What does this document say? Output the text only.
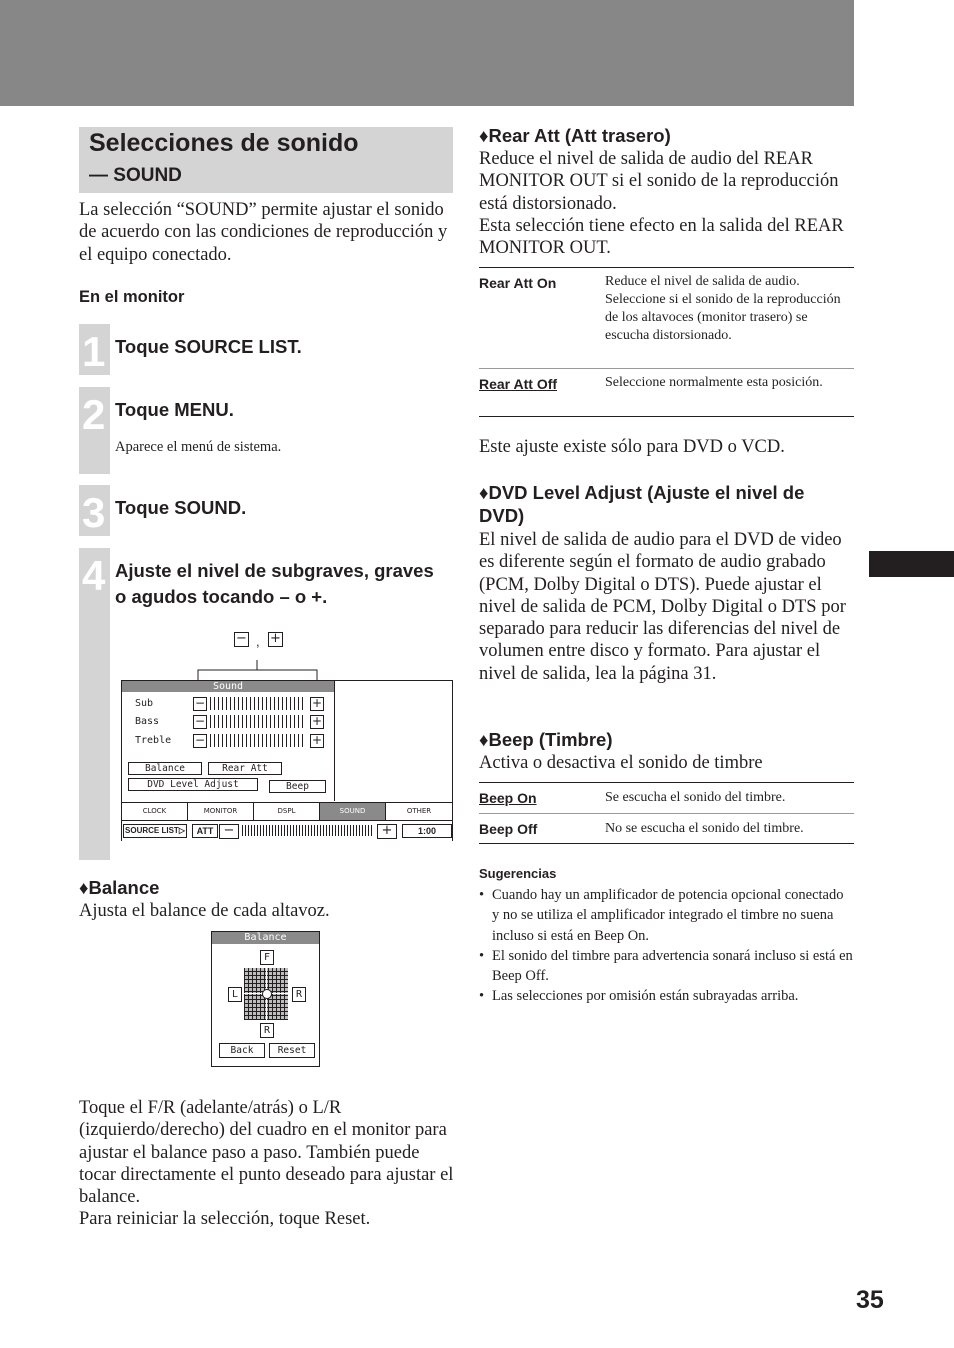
Selecciones de sonido
— SOUND
La selección “SOUND” permite ajustar el sonido de acuerdo con las condiciones de reproducción y el equipo conectado.
En el monitor
1 Toque SOURCE LIST.
2 Toque MENU.
Aparece el menú de sistema.
3 Toque SOUND.
4 Ajuste el nivel de subgraves, graves o agudos tocando – o +.
− , +
Sound
Sub
Bass
Treble
−	+
−	+
−	+
Balance	Rear Att
DVD Level Adjust	Beep
CLOCK	MONITOR	DSPL	SOUND	OTHER
SOURCE LIST▷	ATT −	+	1:00
♦Balance
Ajusta el balance de cada altavoz.
Balance
F
R
L	R
Back	Reset
Toque el F/R (adelante/atrás) o L/R (izquierdo/derecho) del cuadro en el monitor para ajustar el balance paso a paso. También puede tocar directamente el punto deseado para ajustar el balance.
Para reiniciar la selección, toque Reset.
♦Rear Att (Att trasero)
Reduce el nivel de salida de audio del REAR MONITOR OUT si el sonido de la reproducción está distorsionado.
Esta selección tiene efecto en la salida del REAR MONITOR OUT.
Rear Att On	Reduce el nivel de salida de audio. Seleccione si el sonido de la reproducción de los altavoces (monitor trasero) se escucha distorsionado.
Rear Att Off	Seleccione normalmente esta posición.
Este ajuste existe sólo para DVD o VCD.
♦DVD Level Adjust (Ajuste el nivel de DVD)
El nivel de salida de audio para el DVD de video es diferente según el formato de audio grabado (PCM, Dolby Digital o DTS). Puede ajustar el nivel de salida de PCM, Dolby Digital o DTS por separado para reducir las diferencias del nivel de volumen entre disco y formato. Para ajustar el nivel de salida, lea la página 31.
♦Beep (Timbre)
Activa o desactiva el sonido de timbre
Beep On	Se escucha el sonido del timbre.
Beep Off	No se escucha el sonido del timbre.
Sugerencias
• Cuando hay un amplificador de potencia opcional conectado y no se utiliza el amplificador integrado el timbre no suena incluso si está en Beep On.
• El sonido del timbre para advertencia sonará incluso si está en Beep Off.
• Las selecciones por omisión están subrayadas arriba.
35
